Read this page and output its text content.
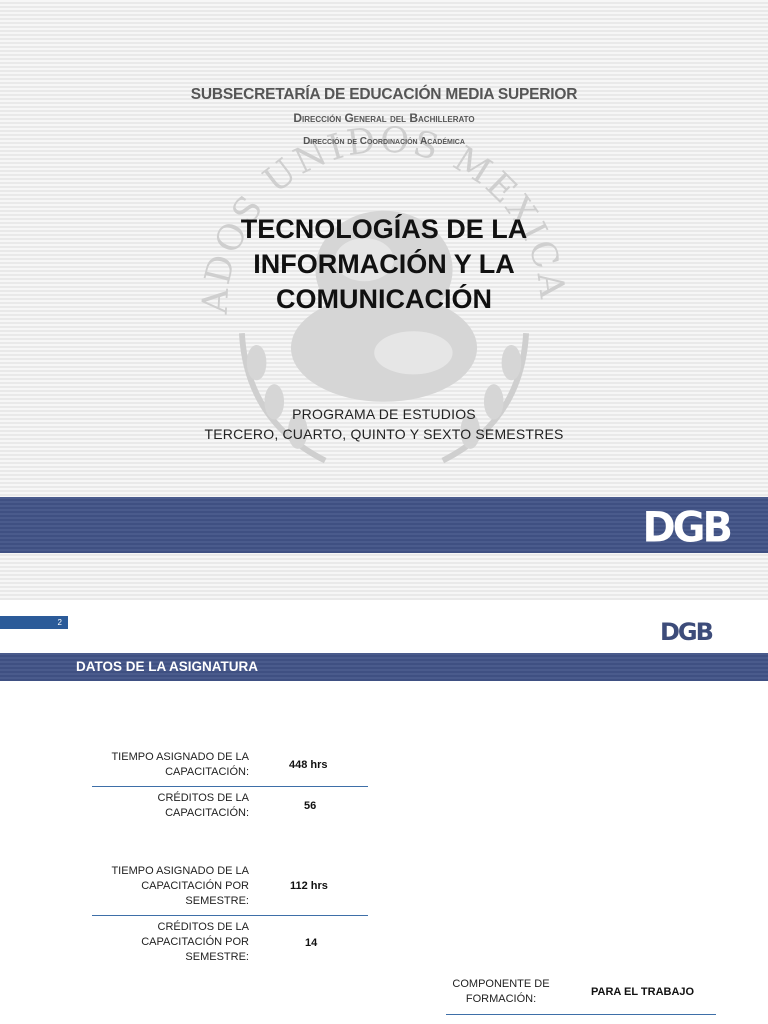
ADOS UNIDOS MEXICA
SUBSECRETARÍA DE EDUCACIÓN MEDIA SUPERIOR
Dirección General del Bachillerato
Dirección de Coordinación Académica
TECNOLOGÍAS DE LA
INFORMACIÓN Y LA
COMUNICACIÓN
PROGRAMA DE ESTUDIOS
TERCERO, CUARTO, QUINTO Y SEXTO SEMESTRES
DGB
2	DGB
DATOS DE LA ASIGNATURA
TIEMPO ASIGNADO DE LA
CAPACITACIÓN:
448 hrs
CRÉDITOS DE LA
CAPACITACIÓN:
56
TIEMPO ASIGNADO DE LA
CAPACITACIÓN POR
SEMESTRE:
112 hrs
CRÉDITOS DE LA
CAPACITACIÓN POR
SEMESTRE:
14
COMPONENTE DE
FORMACIÓN:
PARA EL TRABAJO
